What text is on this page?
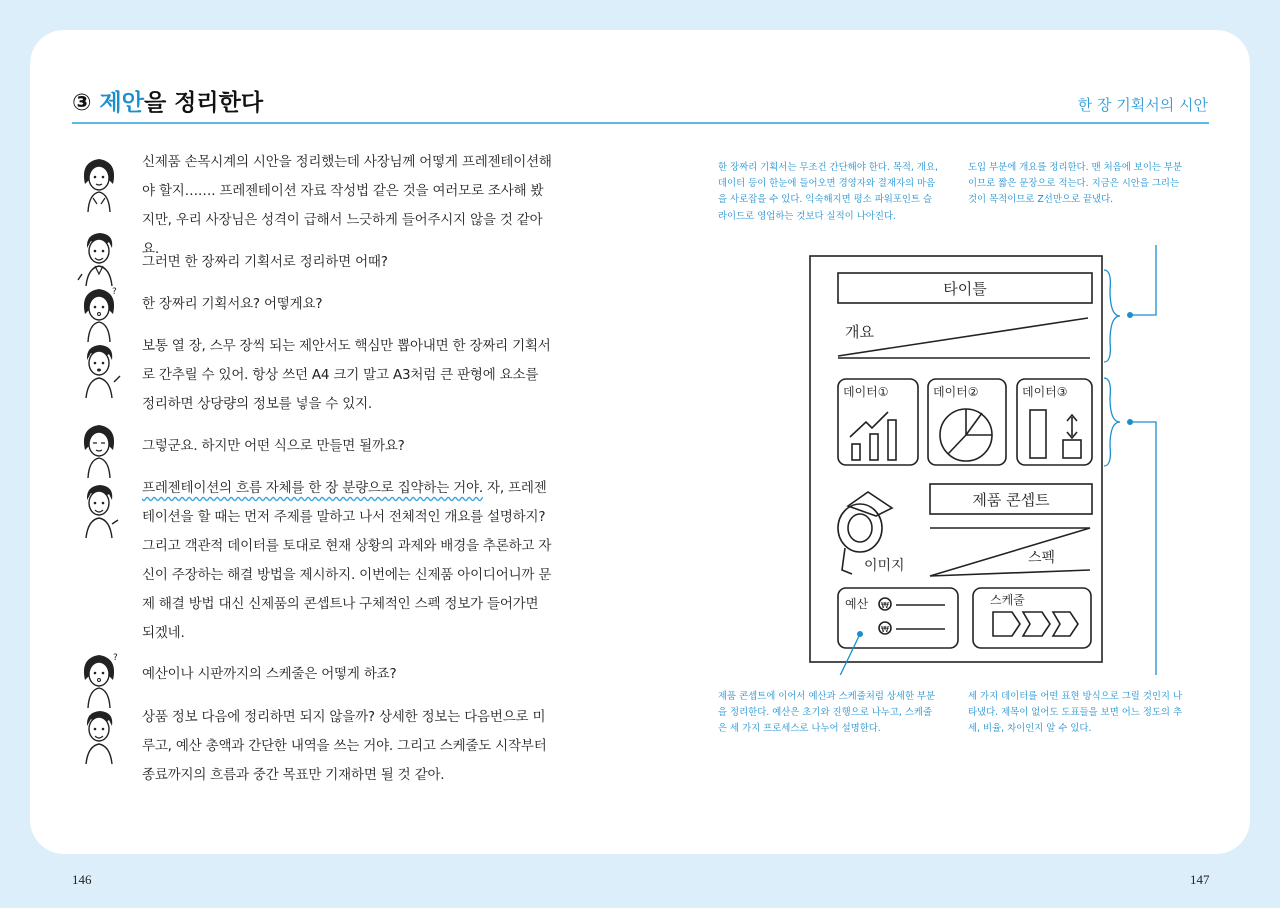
③ 제안을 정리한다	한 장 기획서의 시안
?
?
신제품 손목시계의 시안을 정리했는데 사장님께 어떻게 프레젠테이션해야 할지……. 프레젠테이션 자료 작성법 같은 것을 여러모로 조사해 봤지만, 우리 사장님은 성격이 급해서 느긋하게 들어주시지 않을 것 같아요.
그러면 한 장짜리 기획서로 정리하면 어때?
한 장짜리 기획서요? 어떻게요?
보통 열 장, 스무 장씩 되는 제안서도 핵심만 뽑아내면 한 장짜리 기획서로 간추릴 수 있어. 항상 쓰던 A4 크기 말고 A3처럼 큰 판형에 요소를 정리하면 상당량의 정보를 넣을 수 있지.
그렇군요. 하지만 어떤 식으로 만들면 될까요?
프레젠테이션의 흐름 자체를 한 장 분량으로 집약하는 거야. 자, 프레젠테이션을 할 때는 먼저 주제를 말하고 나서 전체적인 개요를 설명하지? 그리고 객관적 데이터를 토대로 현재 상황의 과제와 배경을 추론하고 자신이 주장하는 해결 방법을 제시하지. 이번에는 신제품 아이디어니까 문제 해결 방법 대신 신제품의 콘셉트나 구체적인 스펙 정보가 들어가면 되겠네.
예산이나 시판까지의 스케줄은 어떻게 하죠?
상품 정보 다음에 정리하면 되지 않을까? 상세한 정보는 다음번으로 미루고, 예산 총액과 간단한 내역을 쓰는 거야. 그리고 스케줄도 시작부터 종료까지의 흐름과 중간 목표만 기재하면 될 것 같아.
한 장짜리 기획서는 무조건 간단해야 한다. 목적, 개요, 데이터 등이 한눈에 들어오면 경영자와 결재자의 마음을 사로잡을 수 있다. 익숙해지면 평소 파워포인트 슬라이드로 영업하는 것보다 실적이 나아진다.
도입 부분에 개요를 정리한다. 맨 처음에 보이는 부분이므로 짧은 문장으로 적는다. 지금은 시안을 그리는 것이 목적이므로 Z선만으로 끝냈다.
제품 콘셉트에 이어서 예산과 스케줄처럼 상세한 부분을 정리한다. 예산은 초기와 진행으로 나누고, 스케줄은 세 가지 프로세스로 나누어 설명한다.
세 가지 데이터를 어떤 표현 방식으로 그릴 것인지 나타냈다. 제목이 없어도 도표들을 보면 어느 정도의 추세, 비율, 차이인지 알 수 있다.
타이틀
개요
데이터①	데이터②	데이터③
이미지
제품 콘셉트
스펙
예산 ₩
₩
스케줄
146	147
